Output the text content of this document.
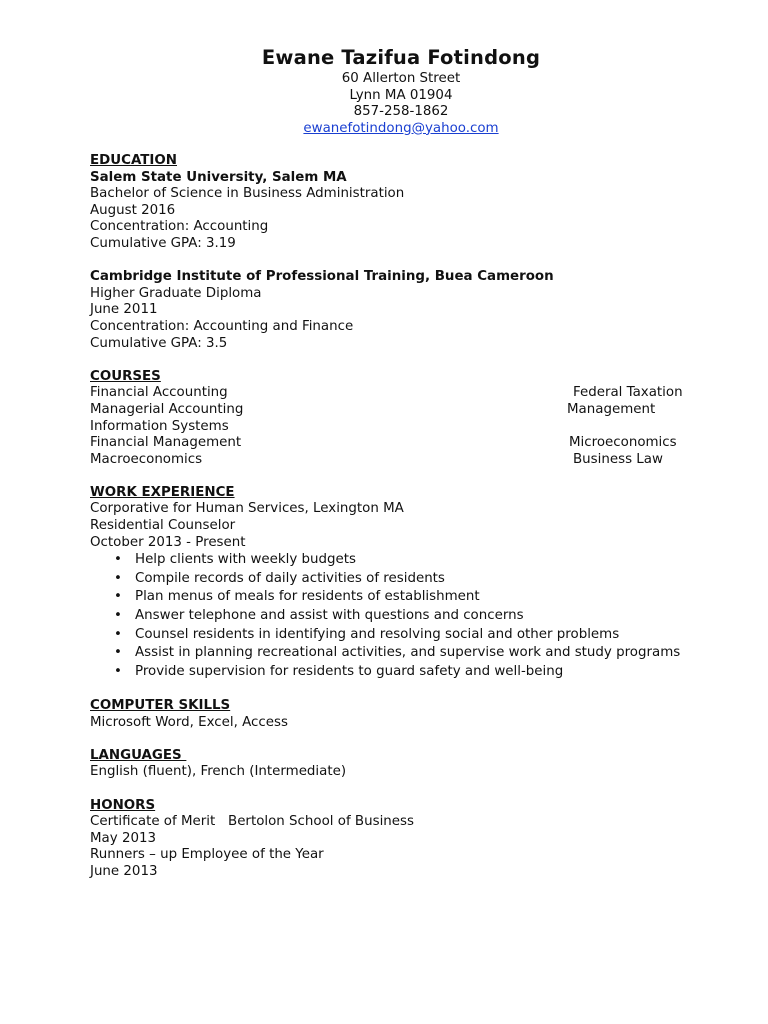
Ewane Tazifua Fotindong
60 Allerton Street
Lynn MA 01904
857-258-1862
ewanefotindong@yahoo.com
EDUCATION
Salem State University, Salem MA
Bachelor of Science in Business Administration
August 2016
Concentration: Accounting
Cumulative GPA: 3.19
Cambridge Institute of Professional Training, Buea Cameroon
Higher Graduate Diploma
June 2011
Concentration: Accounting and Finance
Cumulative GPA: 3.5
COURSES
Financial Accounting	Federal Taxation
Managerial Accounting	Management
Information Systems
Financial Management	Microeconomics
Macroeconomics	Business Law
WORK EXPERIENCE
Corporative for Human Services, Lexington MA
Residential Counselor
October 2013 - Present
• Help clients with weekly budgets
• Compile records of daily activities of residents
• Plan menus of meals for residents of establishment
• Answer telephone and assist with questions and concerns
• Counsel residents in identifying and resolving social and other problems
• Assist in planning recreational activities, and supervise work and study programs
• Provide supervision for residents to guard safety and well-being
COMPUTER SKILLS
Microsoft Word, Excel, Access
LANGUAGES
English (fluent), French (Intermediate)
HONORS
Certificate of Merit   Bertolon School of Business
May 2013
Runners – up Employee of the Year
June 2013
